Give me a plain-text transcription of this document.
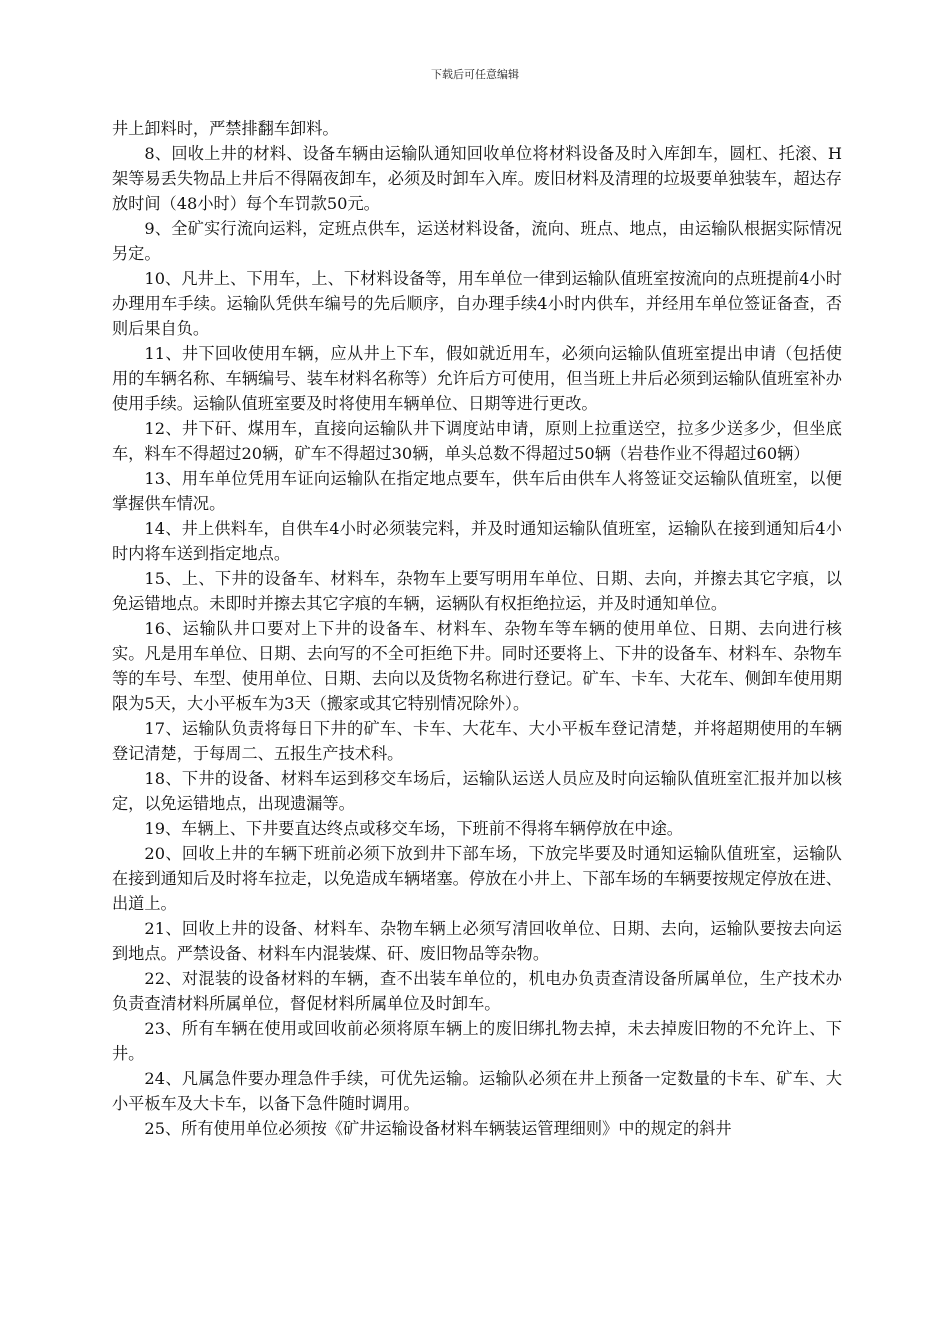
下载后可任意编辑

井上卸料时，严禁排翻车卸料。

8、回收上井的材料、设备车辆由运输队通知回收单位将材料设备及时入库卸车，圆杠、托滚、H架等易丢失物品上井后不得隔夜卸车，必须及时卸车入库。废旧材料及清理的垃圾要单独装车，超达存放时间（48小时）每个车罚款50元。

9、全矿实行流向运料，定班点供车，运送材料设备，流向、班点、地点，由运输队根据实际情况另定。

10、凡井上、下用车，上、下材料设备等，用车单位一律到运输队值班室按流向的点班提前4小时办理用车手续。运输队凭供车编号的先后顺序，自办理手续4小时内供车，并经用车单位签证备查，否则后果自负。

11、井下回收使用车辆，应从井上下车，假如就近用车，必须向运输队值班室提出申请（包括使用的车辆名称、车辆编号、装车材料名称等）允许后方可使用，但当班上井后必须到运输队值班室补办使用手续。运输队值班室要及时将使用车辆单位、日期等进行更改。

12、井下矸、煤用车，直接向运输队井下调度站申请，原则上拉重送空，拉多少送多少，但坐底车，料车不得超过20辆，矿车不得超过30辆，单头总数不得超过50辆（岩巷作业不得超过60辆）

13、用车单位凭用车证向运输队在指定地点要车，供车后由供车人将签证交运输队值班室，以便掌握供车情况。

14、井上供料车，自供车4小时必须装完料，并及时通知运输队值班室，运输队在接到通知后4小时内将车送到指定地点。

15、上、下井的设备车、材料车，杂物车上要写明用车单位、日期、去向，并擦去其它字痕，以免运错地点。未即时并擦去其它字痕的车辆，运辆队有权拒绝拉运，并及时通知单位。

16、运输队井口要对上下井的设备车、材料车、杂物车等车辆的使用单位、日期、去向进行核实。凡是用车单位、日期、去向写的不全可拒绝下井。同时还要将上、下井的设备车、材料车、杂物车等的车号、车型、使用单位、日期、去向以及货物名称进行登记。矿车、卡车、大花车、侧卸车使用期限为5天，大小平板车为3天（搬家或其它特别情况除外）。

17、运输队负责将每日下井的矿车、卡车、大花车、大小平板车登记清楚，并将超期使用的车辆登记清楚，于每周二、五报生产技术科。

18、下井的设备、材料车运到移交车场后，运输队运送人员应及时向运输队值班室汇报并加以核定，以免运错地点，出现遗漏等。

19、车辆上、下井要直达终点或移交车场，下班前不得将车辆停放在中途。

20、回收上井的车辆下班前必须下放到井下部车场，下放完毕要及时通知运输队值班室，运输队在接到通知后及时将车拉走，以免造成车辆堵塞。停放在小井上、下部车场的车辆要按规定停放在进、出道上。

21、回收上井的设备、材料车、杂物车辆上必须写清回收单位、日期、去向，运输队要按去向运到地点。严禁设备、材料车内混装煤、矸、废旧物品等杂物。

22、对混装的设备材料的车辆，查不出装车单位的，机电办负责查清设备所属单位，生产技术办负责查清材料所属单位，督促材料所属单位及时卸车。

23、所有车辆在使用或回收前必须将原车辆上的废旧绑扎物去掉，未去掉废旧物的不允许上、下井。

24、凡属急件要办理急件手续，可优先运输。运输队必须在井上预备一定数量的卡车、矿车、大小平板车及大卡车，以备下急件随时调用。

25、所有使用单位必须按《矿井运输设备材料车辆装运管理细则》中的规定的斜井
